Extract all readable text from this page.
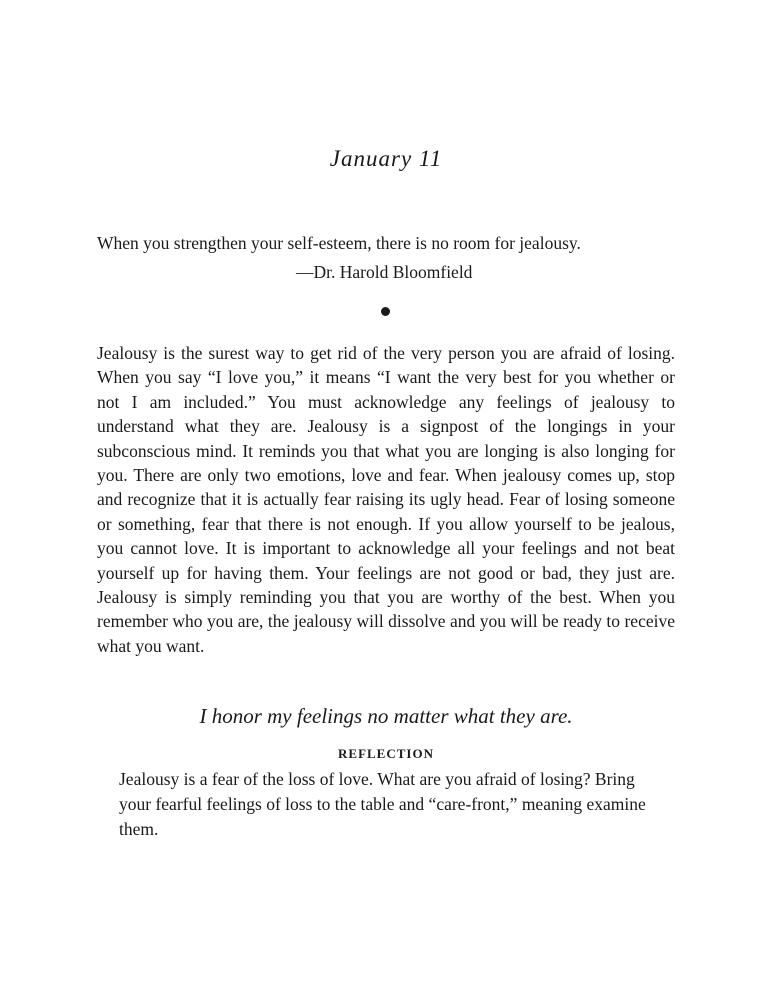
January 11
When you strengthen your self-esteem, there is no room for jealousy.
—Dr. Harold Bloomfield
Jealousy is the surest way to get rid of the very person you are afraid of losing.
When you say “I love you,” it means “I want the very best for you whether or
not I am included.” You must acknowledge any feelings of jealousy to
understand what they are. Jealousy is a signpost of the longings in your
subconscious mind. It reminds you that what you are longing is also longing for
you. There are only two emotions, love and fear. When jealousy comes up, stop
and recognize that it is actually fear raising its ugly head. Fear of losing someone
or something, fear that there is not enough. If you allow yourself to be jealous,
you cannot love. It is important to acknowledge all your feelings and not beat
yourself up for having them. Your feelings are not good or bad, they just are.
Jealousy is simply reminding you that you are worthy of the best. When you
remember who you are, the jealousy will dissolve and you will be ready to receive
what you want.
I honor my feelings no matter what they are.
REFLECTION
Jealousy is a fear of the loss of love. What are you afraid of losing? Bring
your fearful feelings of loss to the table and “care-front,” meaning examine
them.
